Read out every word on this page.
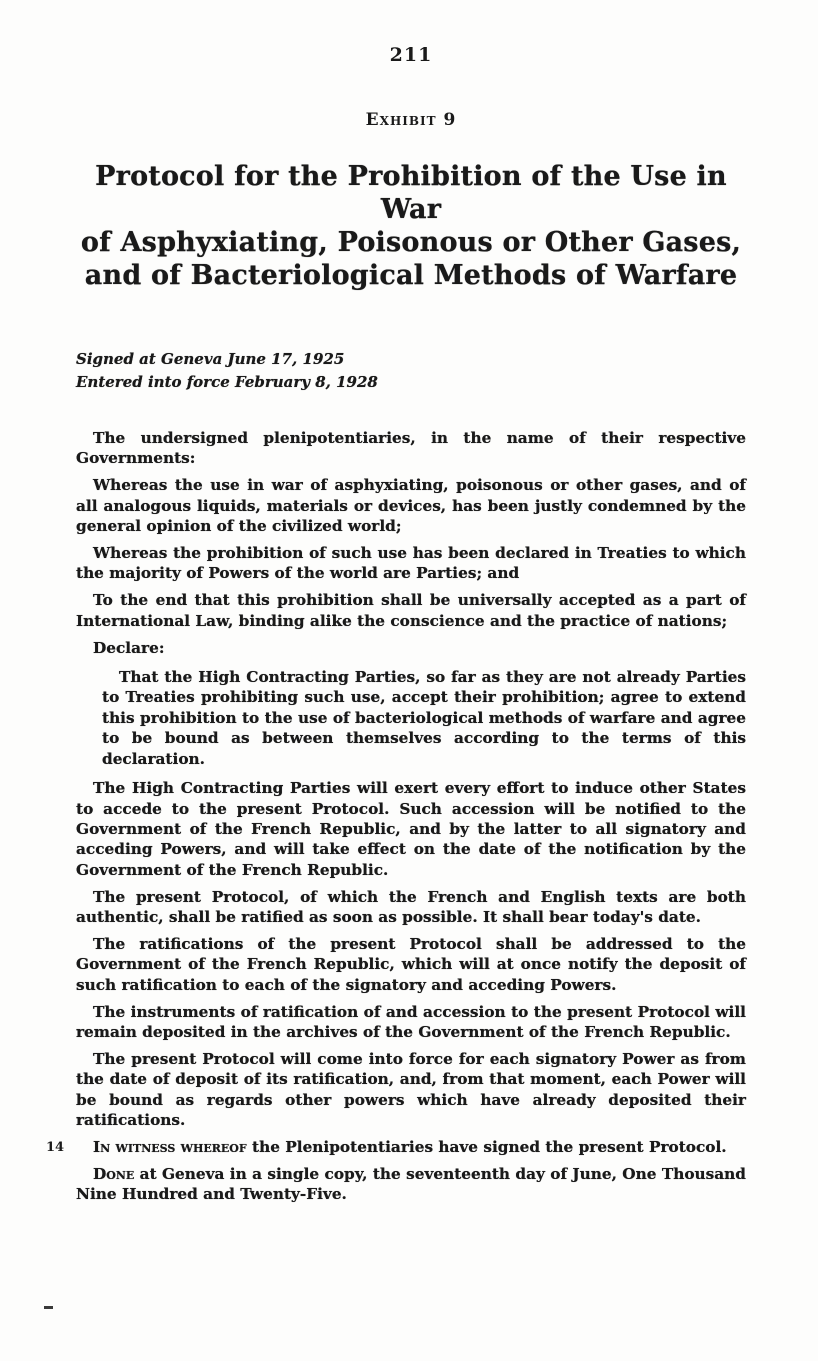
211
Exhibit 9
Protocol for the Prohibition of the Use in War
of Asphyxiating, Poisonous or Other Gases,
and of Bacteriological Methods of Warfare
Signed at Geneva June 17, 1925
Entered into force February 8, 1928

The undersigned plenipotentiaries, in the name of their respective Governments:

Whereas the use in war of asphyxiating, poisonous or other gases, and of all analogous liquids, materials or devices, has been justly condemned by the general opinion of the civilized world;

Whereas the prohibition of such use has been declared in Treaties to which the majority of Powers of the world are Parties; and

To the end that this prohibition shall be universally accepted as a part of International Law, binding alike the conscience and the practice of nations;

Declare:

That the High Contracting Parties, so far as they are not already Parties to Treaties prohibiting such use, accept their prohibition; agree to extend this prohibition to the use of bacteriological methods of warfare and agree to be bound as between themselves according to the terms of this declaration.

The High Contracting Parties will exert every effort to induce other States to accede to the present Protocol. Such accession will be notified to the Government of the French Republic, and by the latter to all signatory and acceding Powers, and will take effect on the date of the notification by the Government of the French Republic.

The present Protocol, of which the French and English texts are both authentic, shall be ratified as soon as possible. It shall bear today's date.

The ratifications of the present Protocol shall be addressed to the Government of the French Republic, which will at once notify the deposit of such ratification to each of the signatory and acceding Powers.

The instruments of ratification of and accession to the present Protocol will remain deposited in the archives of the Government of the French Republic.

The present Protocol will come into force for each signatory Power as from the date of deposit of its ratification, and, from that moment, each Power will be bound as regards other powers which have already deposited their ratifications.

In witness whereof the Plenipotentiaries have signed the present Protocol.

Done at Geneva in a single copy, the seventeenth day of June, One Thousand Nine Hundred and Twenty-Five.

14
